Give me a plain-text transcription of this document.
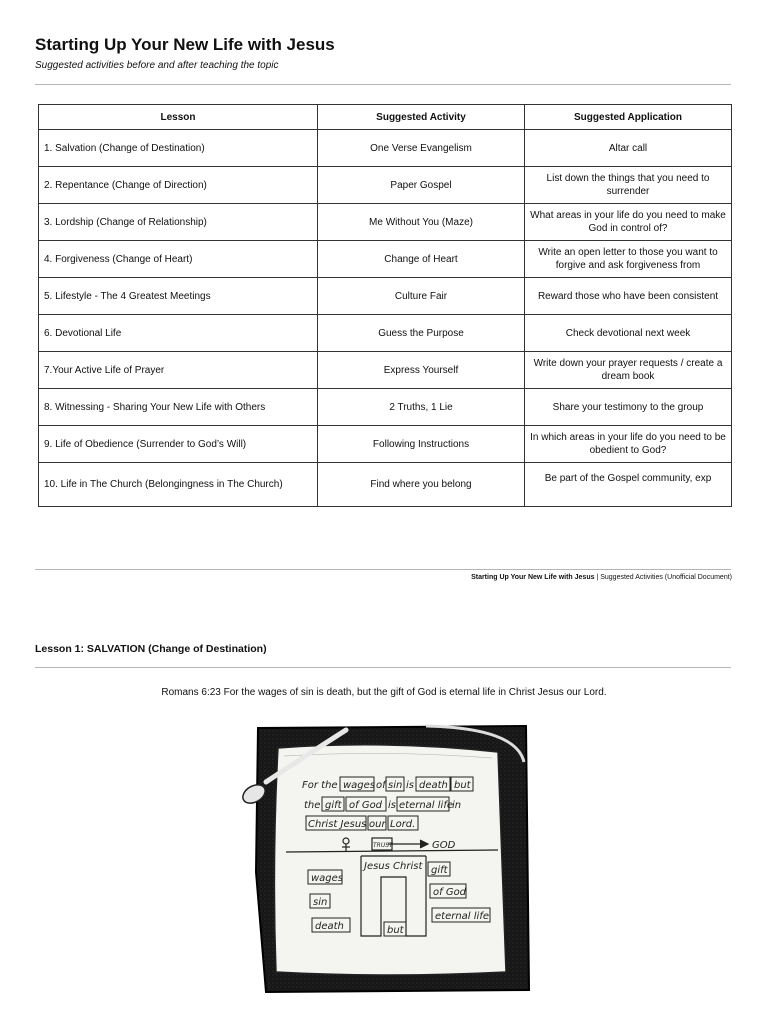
Starting Up Your New Life with Jesus
Suggested activities before and after teaching the topic
Lesson	Suggested Activity	Suggested Application
1. Salvation (Change of Destination)	One Verse Evangelism	Altar call
2. Repentance (Change of Direction)	Paper Gospel	List down the things that you need to surrender
3. Lordship (Change of Relationship)	Me Without You (Maze)	What areas in your life do you need to make God in control of?
4. Forgiveness (Change of Heart)	Change of Heart	Write an open letter to those you want to forgive and ask forgiveness from
5. Lifestyle - The 4 Greatest Meetings	Culture Fair	Reward those who have been consistent
6. Devotional Life	Guess the Purpose	Check devotional next week
7.Your Active Life of Prayer	Express Yourself	Write down your prayer requests / create a dream book
8. Witnessing - Sharing Your New Life with Others	2 Truths, 1 Lie	Share your testimony to the group
9. Life of Obedience (Surrender to God’s Will)	Following Instructions	In which areas in your life do you need to be obedient to God?
10. Life in The Church (Belongingness in The Church)	Find where you belong	Be part of the Gospel community, exp
Starting Up Your New Life with Jesus | Suggested Activities (Unofficial Document)
Lesson 1: SALVATION (Change of Destination)
Romans 6:23 For the wages of sin is death, but the gift of God is eternal life in Christ Jesus our Lord.
For the wages of sin is death but
the gift of God is eternal life in
Christ Jesus our Lord.
TRUST	GOD
Jesus Christ
wages
sin
death	but
gift
of God
eternal life
